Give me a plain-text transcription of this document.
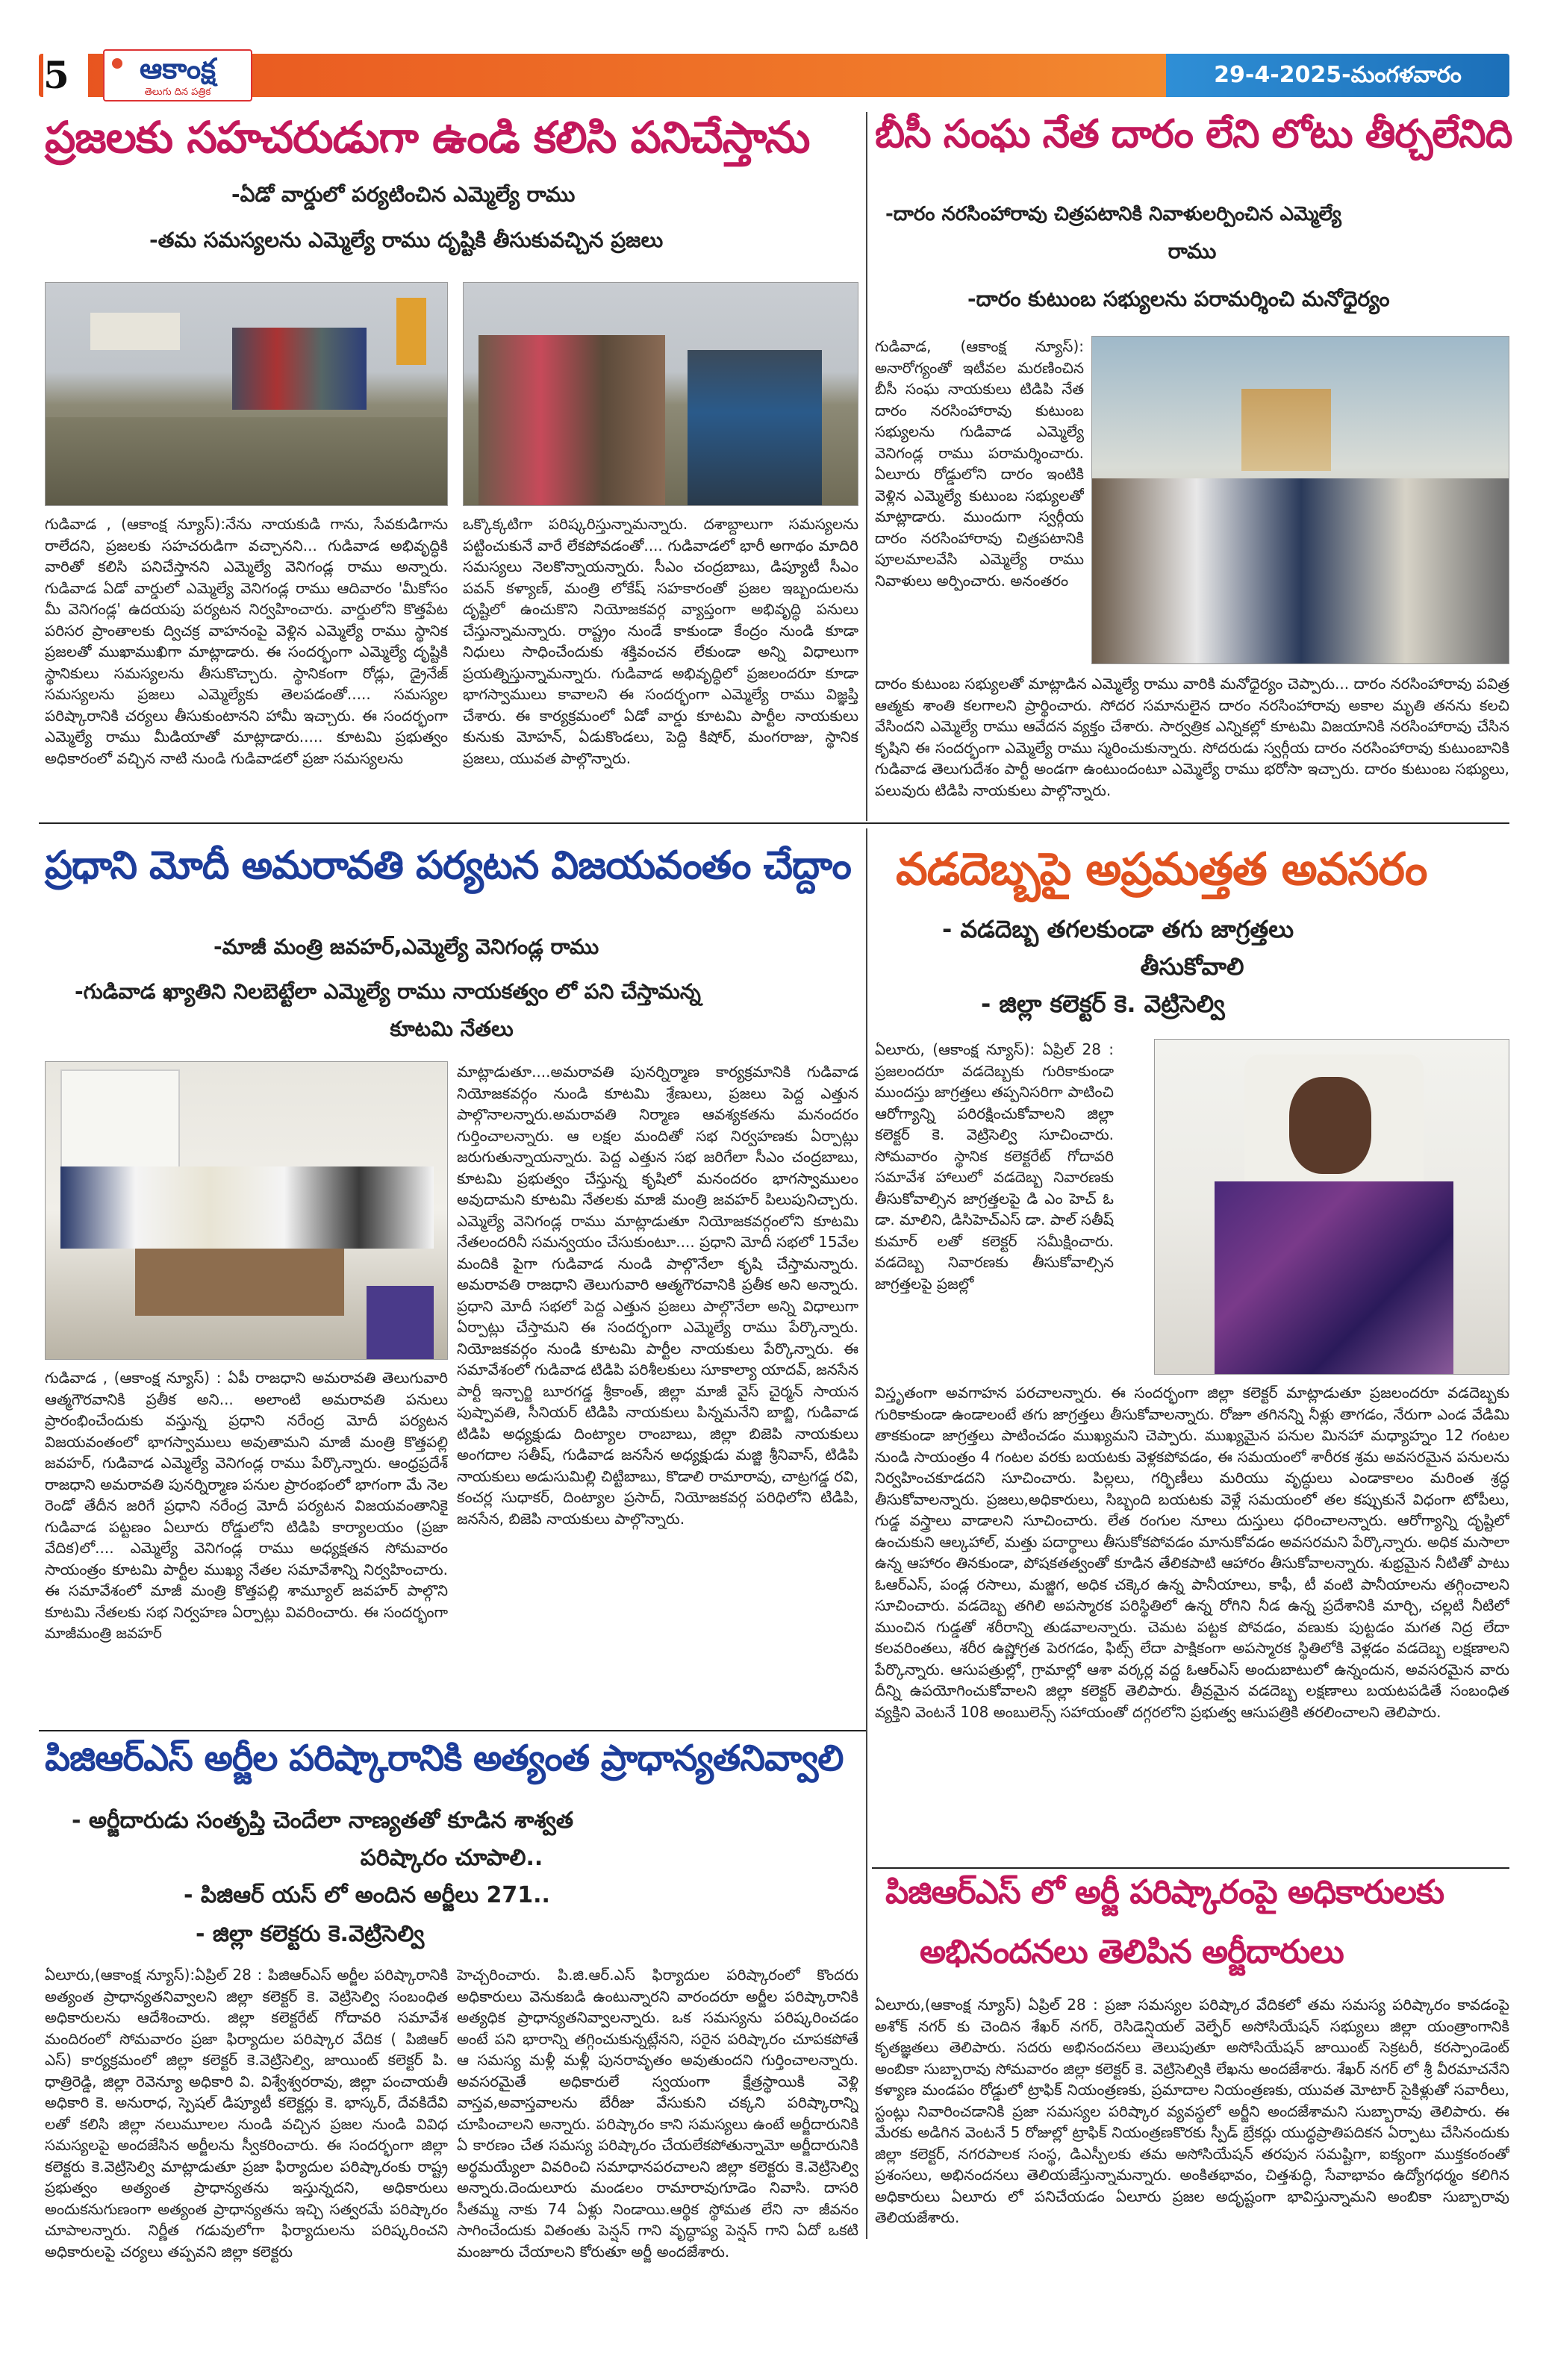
5	ఆకాంక్ష
తెలుగు దిన పత్రిక
29-4-2025-మంగళవారం
ప్రజలకు సహచరుడుగా ఉండి కలిసి పనిచేస్తాను
-ఏడో వార్డులో పర్యటించిన ఎమ్మెల్యే రాము
-తమ సమస్యలను ఎమ్మెల్యే రాము దృష్టికి తీసుకువచ్చిన ప్రజలు
గుడివాడ , (ఆకాంక్ష న్యూస్):నేను నాయకుడి గాను, సేవకుడిగాను రాలేదని, ప్రజలకు సహచరుడిగా వచ్చానని... గుడివాడ అభివృద్ధికి వారితో కలిసి పనిచేస్తానని ఎమ్మెల్యే వెనిగండ్ల రాము అన్నారు. గుడివాడ ఏడో వార్డులో ఎమ్మెల్యే వెనిగండ్ల రాము ఆదివారం 'మీకోసం మీ వెనిగండ్ల' ఉదయపు పర్యటన నిర్వహించారు. వార్డులోని కొత్తపేట పరిసర ప్రాంతాలకు ద్విచక్ర వాహనంపై వెళ్లిన ఎమ్మెల్యే రాము స్థానిక ప్రజలతో ముఖాముఖిగా మాట్లాడారు. ఈ సందర్భంగా ఎమ్మెల్యే దృష్టికి స్థానికులు సమస్యలను తీసుకొచ్చారు. స్థానికంగా రోడ్లు, డ్రైనేజ్ సమస్యలను ప్రజలు ఎమ్మెల్యేకు తెలపడంతో..... సమస్యల పరిష్కారానికి చర్యలు తీసుకుంటానని హామీ ఇచ్చారు. ఈ సందర్భంగా ఎమ్మెల్యే రాము మీడియాతో మాట్లాడారు..... కూటమి ప్రభుత్వం అధికారంలో వచ్చిన నాటి నుండి గుడివాడలో ప్రజా సమస్యలను
ఒక్కొక్కటిగా పరిష్కరిస్తున్నామన్నారు. దశాబ్దాలుగా సమస్యలను పట్టించుకునే వారే లేకపోవడంతో.... గుడివాడలో భారీ అగాథం మాదిరి సమస్యలు నెలకొన్నాయన్నారు. సీఎం చంద్రబాబు, డిప్యూటీ సీఎం పవన్ కళ్యాణ్, మంత్రి లోకేష్ సహకారంతో ప్రజల ఇబ్బందులను దృష్టిలో ఉంచుకొని నియోజకవర్గ వ్యాప్తంగా అభివృద్ధి పనులు చేస్తున్నామన్నారు. రాష్ట్రం నుండే కాకుండా కేంద్రం నుండి కూడా నిధులు సాధించేందుకు శక్తివంచన లేకుండా అన్ని విధాలుగా ప్రయత్నిస్తున్నామన్నారు. గుడివాడ అభివృద్ధిలో ప్రజలందరూ కూడా భాగస్వాములు కావాలని ఈ సందర్భంగా ఎమ్మెల్యే రాము విజ్ఞప్తి చేశారు. ఈ కార్యక్రమంలో ఏడో వార్డు కూటమి పార్టీల నాయకులు కునుకు మోహన్, ఏడుకొండలు, పెద్ది కిషోర్, మంగరాజు, స్థానిక ప్రజలు, యువత పాల్గొన్నారు.
బీసీ సంఘ నేత దారం లేని లోటు తీర్చలేనిది
-దారం నరసింహారావు చిత్రపటానికి నివాళులర్పించిన ఎమ్మెల్యే
రాము
-దారం కుటుంబ సభ్యులను పరామర్శించి మనోధైర్యం
గుడివాడ, (ఆకాంక్ష న్యూస్): అనారోగ్యంతో ఇటీవల మరణించిన బీసీ సంఘ నాయకులు టిడిపి నేత దారం నరసింహారావు కుటుంబ సభ్యులను గుడివాడ ఎమ్మెల్యే వెనిగండ్ల రాము పరామర్శించారు. ఏలూరు రోడ్డులోని దారం ఇంటికి వెళ్లిన ఎమ్మెల్యే కుటుంబ సభ్యులతో మాట్లాడారు. ముందుగా స్వర్గీయ దారం నరసింహారావు చిత్రపటానికి పూలమాలవేసి ఎమ్మెల్యే రాము నివాళులు అర్పించారు. అనంతరం
దారం కుటుంబ సభ్యులతో మాట్లాడిన ఎమ్మెల్యే రాము వారికి మనోధైర్యం చెప్పారు... దారం నరసింహారావు పవిత్ర ఆత్మకు శాంతి కలగాలని ప్రార్థించారు. సోదర సమానులైన దారం నరసింహారావు అకాల మృతి తనను కలచి వేసిందని ఎమ్మెల్యే రాము ఆవేదన వ్యక్తం చేశారు. సార్వత్రిక ఎన్నికల్లో కూటమి విజయానికి నరసింహారావు చేసిన కృషిని ఈ సందర్భంగా ఎమ్మెల్యే రాము స్మరించుకున్నారు. సోదరుడు స్వర్గీయ దారం నరసింహారావు కుటుంబానికి గుడివాడ తెలుగుదేశం పార్టీ అండగా ఉంటుందంటూ ఎమ్మెల్యే రాము భరోసా ఇచ్చారు. దారం కుటుంబ సభ్యులు, పలువురు టిడిపి నాయకులు పాల్గొన్నారు.
ప్రధాని మోదీ అమరావతి పర్యటన విజయవంతం చేద్దాం
-మాజీ మంత్రి జవహర్,ఎమ్మెల్యే వెనిగండ్ల రాము
-గుడివాడ ఖ్యాతిని నిలబెట్టేలా ఎమ్మెల్యే రాము నాయకత్వం లో పని చేస్తామన్న
కూటమి నేతలు
గుడివాడ , (ఆకాంక్ష న్యూస్) : ఏపీ రాజధాని అమరావతి తెలుగువారి ఆత్మగౌరవానికి ప్రతీక అని... అలాంటి అమరావతి పనులు ప్రారంభించేందుకు వస్తున్న ప్రధాని నరేంద్ర మోదీ పర్యటన విజయవంతంలో భాగస్వాములు అవుతామని మాజీ మంత్రి కొత్తపల్లి జవహర్, గుడివాడ ఎమ్మెల్యే వెనిగండ్ల రాము పేర్కొన్నారు. ఆంధ్రప్రదేశ్ రాజధాని అమరావతి పునర్నిర్మాణ పనుల ప్రారంభంలో భాగంగా మే నెల రెండో తేదీన జరిగే ప్రధాని నరేంద్ర మోదీ పర్యటన విజయవంతానికై గుడివాడ పట్టణం ఏలూరు రోడ్డులోని టిడిపి కార్యాలయం (ప్రజా వేదిక)లో.... ఎమ్మెల్యే వెనిగండ్ల రాము అధ్యక్షతన సోమవారం సాయంత్రం కూటమి పార్టీల ముఖ్య నేతల సమావేశాన్ని నిర్వహించారు. ఈ సమావేశంలో మాజీ మంత్రి కొత్తపల్లి శామ్యూల్ జవహర్ పాల్గొని కూటమి నేతలకు సభ నిర్వహణ ఏర్పాట్లు వివరించారు. ఈ సందర్భంగా మాజీమంత్రి జవహర్
మాట్లాడుతూ....అమరావతి పునర్నిర్మాణ కార్యక్రమానికి గుడివాడ నియోజకవర్గం నుండి కూటమి శ్రేణులు, ప్రజలు పెద్ద ఎత్తున పాల్గొనాలన్నారు.అమరావతి నిర్మాణ ఆవశ్యకతను మనందరం గుర్తించాలన్నారు. ఆ లక్షల మందితో సభ నిర్వహణకు ఏర్పాట్లు జరుగుతున్నాయన్నారు. పెద్ద ఎత్తున సభ జరిగేలా సీఎం చంద్రబాబు, కూటమి ప్రభుత్వం చేస్తున్న కృషిలో మనందరం భాగస్వాములం అవుదామని కూటమి నేతలకు మాజీ మంత్రి జవహర్ పిలుపునిచ్చారు. ఎమ్మెల్యే వెనిగండ్ల రాము మాట్లాడుతూ నియోజకవర్గంలోని కూటమి నేతలందరినీ సమన్వయం చేసుకుంటూ.... ప్రధాని మోదీ సభలో 15వేల మందికి పైగా గుడివాడ నుండి పాల్గొనేలా కృషి చేస్తామన్నారు. అమరావతి రాజధాని తెలుగువారి ఆత్మగౌరవానికి ప్రతీక అని అన్నారు. ప్రధాని మోదీ సభలో పెద్ద ఎత్తున ప్రజలు పాల్గొనేలా అన్ని విధాలుగా ఏర్పాట్లు చేస్తామని ఈ సందర్భంగా ఎమ్మెల్యే రాము పేర్కొన్నారు. నియోజకవర్గం నుండి కూటమి పార్టీల నాయకులు పేర్కొన్నారు. ఈ సమావేశంలో గుడివాడ టిడిపి పరిశీలకులు సూకాల్యా యాదవ్, జనసేన పార్టీ ఇన్చార్జి బూరగడ్డ శ్రీకాంత్, జిల్లా మాజీ వైస్ చైర్మన్ సాయన పుష్పావతి, సీనియర్ టిడిపి నాయకులు పిన్నమనేని బాబ్జి, గుడివాడ టిడిపి అధ్యక్షుడు దింట్యాల రాంబాబు, జిల్లా బిజెపి నాయకులు అంగదాల సతీష్, గుడివాడ జనసేన అధ్యక్షుడు మజ్జి శ్రీనివాస్, టిడిపి నాయకులు అడుసుమిల్లి చిట్టిబాబు, కొడాలి రామారావు, చాట్రగడ్డ రవి, కంచర్ల సుధాకర్, దింట్యాల ప్రసాద్, నియోజకవర్గ పరిధిలోని టిడిపి, జనసేన, బిజెపి నాయకులు పాల్గొన్నారు.
వడదెబ్బపై అప్రమత్తత అవసరం
- వడదెబ్బ తగలకుండా తగు జాగ్రత్తలు
తీసుకోవాలి
- జిల్లా కలెక్టర్ కె. వెట్రిసెల్వి
ఏలూరు, (ఆకాంక్ష న్యూస్): ఏప్రిల్ 28 : ప్రజలందరూ వడదెబ్బకు గురికాకుండా ముందస్తు జాగ్రత్తలు తప్పనిసరిగా పాటించి ఆరోగ్యాన్ని పరిరక్షించుకోవాలని జిల్లా కలెక్టర్ కె. వెట్రిసెల్వి సూచించారు. సోమవారం స్థానిక కలెక్టరేట్ గోదావరి సమావేశ హాలులో వడదెబ్బ నివారణకు తీసుకోవాల్సిన జాగ్రత్తలపై డి ఎం హెచ్ ఓ డా. మాలిని, డిసిహెచ్ఎస్ డా. పాల్ సతీష్ కుమార్ లతో కలెక్టర్ సమీక్షించారు. వడదెబ్బ నివారణకు తీసుకోవాల్సిన జాగ్రత్తలపై ప్రజల్లో
విస్తృతంగా అవగాహన పరచాలన్నారు. ఈ సందర్భంగా జిల్లా కలెక్టర్ మాట్లాడుతూ ప్రజలందరూ వడదెబ్బకు గురికాకుండా ఉండాలంటే తగు జాగ్రత్తలు తీసుకోవాలన్నారు. రోజూ తగినన్ని నీళ్లు తాగడం, నేరుగా ఎండ వేడిమి తాకకుండా జాగ్రత్తలు పాటించడం ముఖ్యమని చెప్పారు. ముఖ్యమైన పనుల మినహా మధ్యాహ్నం 12 గంటల నుండి సాయంత్రం 4 గంటల వరకు బయటకు వెళ్లకపోవడం, ఈ సమయంలో శారీరక శ్రమ అవసరమైన పనులను నిర్వహించకూడదని సూచించారు. పిల్లలు, గర్భిణీలు మరియు వృద్ధులు ఎండాకాలం మరింత శ్రద్ధ తీసుకోవాలన్నారు. ప్రజలు,అధికారులు, సిబ్బంది బయటకు వెళ్లే సమయంలో తల కప్పుకునే విధంగా టోపీలు, గుడ్డ వస్త్రాలు వాడాలని సూచించారు. లేత రంగుల నూలు దుస్తులు ధరించాలన్నారు. ఆరోగ్యాన్ని దృష్టిలో ఉంచుకుని ఆల్కహాల్, మత్తు పదార్థాలు తీసుకోకపోవడం మానుకోవడం అవసరమని పేర్కొన్నారు. అధిక మసాలా ఉన్న ఆహారం తినకుండా, పోషకతత్వంతో కూడిన తేలికపాటి ఆహారం తీసుకోవాలన్నారు. శుభ్రమైన నీటితో పాటు ఓఆర్ఎస్, పండ్ల రసాలు, మజ్జిగ, అధిక చక్కెర ఉన్న పానీయాలు, కాఫీ, టీ వంటి పానీయాలను తగ్గించాలని సూచించారు. వడదెబ్బ తగిలి అపస్మారక పరిస్థితిలో ఉన్న రోగిని నీడ ఉన్న ప్రదేశానికి మార్చి, చల్లటి నీటిలో ముంచిన గుడ్డతో శరీరాన్ని తుడవాలన్నారు. చెమట పట్టక పోవడం, వణుకు పుట్టడం మగత నిద్ర లేదా కలవరింతలు, శరీర ఉష్ణోగ్రత పెరగడం, ఫిట్స్ లేదా పాక్షికంగా అపస్మారక స్థితిలోకి వెళ్లడం వడదెబ్బ లక్షణాలని పేర్కొన్నారు. ఆసుపత్రుల్లో, గ్రామాల్లో ఆశా వర్కర్ల వద్ద ఓఆర్ఎస్ అందుబాటులో ఉన్నందున, అవసరమైన వారు దీన్ని ఉపయోగించుకోవాలని జిల్లా కలెక్టర్ తెలిపారు. తీవ్రమైన వడదెబ్బ లక్షణాలు బయటపడితే సంబంధిత వ్యక్తిని వెంటనే 108 అంబులెన్స్ సహాయంతో దగ్గరలోని ప్రభుత్వ ఆసుపత్రికి తరలించాలని తెలిపారు.
పిజిఆర్ఎస్ అర్జీల పరిష్కారానికి అత్యంత ప్రాధాన్యతనివ్వాలి
- అర్జీదారుడు సంతృప్తి చెందేలా నాణ్యతతో కూడిన శాశ్వత
పరిష్కారం చూపాలి..
- పిజిఆర్ యస్ లో అందిన అర్జీలు 271..
- జిల్లా కలెక్టరు కె.వెట్రిసెల్వి
ఏలూరు,(ఆకాంక్ష న్యూస్):ఏప్రిల్ 28 : పిజిఆర్ఎస్ అర్జీల పరిష్కారానికి అత్యంత ప్రాధాన్యతనివ్వాలని జిల్లా కలెక్టర్ కె. వెట్రిసెల్వి సంబంధిత అధికారులను ఆదేశించారు. జిల్లా కలెక్టరేట్ గోదావరి సమావేశ మందిరంలో సోమవారం ప్రజా ఫిర్యాదుల పరిష్కార వేదిక ( పిజిఆర్ ఎస్) కార్యక్రమంలో జిల్లా కలెక్టర్ కె.వెట్రిసెల్వి, జాయింట్ కలెక్టర్ పి. ధాత్రిరెడ్డి, జిల్లా రెవెన్యూ అధికారి వి. విశ్వేశ్వరరావు, జిల్లా పంచాయతీ అధికారి కె. అనురాధ, స్పెషల్ డిప్యూటీ కలెక్టర్లు కె. భాస్కర్, దేవకిదేవి లతో కలిసి జిల్లా నలుమూలల నుండి వచ్చిన ప్రజల నుండి వివిధ సమస్యలపై అందజేసిన అర్జీలను స్వీకరించారు. ఈ సందర్భంగా జిల్లా కలెక్టరు కె.వెట్రిసెల్వి మాట్లాడుతూ ప్రజా ఫిర్యాదుల పరిష్కారంకు రాష్ట్ర ప్రభుత్వం అత్యంత ప్రాధాన్యతను ఇస్తున్నదని, అధికారులు అందుకనుగుణంగా అత్యంత ప్రాధాన్యతను ఇచ్చి సత్వరమే పరిష్కారం చూపాలన్నారు. నిర్ణీత గడువులోగా ఫిర్యాదులను పరిష్కరించని అధికారులపై చర్యలు తప్పవని జిల్లా కలెక్టరు
హెచ్చరించారు. పి.జి.ఆర్.ఎస్ ఫిర్యాదుల పరిష్కారంలో కొందరు అధికారులు వెనుకబడి ఉంటున్నారని వారందరూ అర్జీల పరిష్కారానికి అత్యధిక ప్రాధాన్యతనివ్వాలన్నారు. ఒక సమస్యను పరిష్కరించడం అంటే పని భారాన్ని తగ్గించుకున్నట్లేనని, సరైన పరిష్కారం చూపకపోతే ఆ సమస్య మళ్లీ మళ్లీ పునరావృతం అవుతుందని గుర్తించాలన్నారు. అవసరమైతే అధికారులే స్వయంగా క్షేత్రస్థాయికి వెళ్లి వాస్తవ,అవాస్తవాలను బేరీజు వేసుకుని చక్కని పరిష్కారాన్ని చూపించాలని అన్నారు. పరిష్కారం కాని సమస్యలు ఉంటే అర్జీదారునికి ఏ కారణం చేత సమస్య పరిష్కారం చేయలేకపోతున్నామో అర్జీదారునికి అర్థమయ్యేలా వివరించి సమాధానపరచాలని జిల్లా కలెక్టరు కె.వెట్రిసెల్వి అన్నారు.దెందులూరు మండలం రామారావుగూడెం నివాసి. దాసరి సీతమ్మ నాకు 74 ఏళ్లు నిండాయి.ఆర్థిక స్థోమత లేని నా జీవనం సాగించేందుకు వితంతు పెన్షన్ గాని వృద్ధాప్య పెన్షన్ గాని ఏదో ఒకటి మంజూరు చేయాలని కోరుతూ అర్జీ అందజేశారు.
పిజిఆర్ఎస్ లో అర్జీ పరిష్కారంపై అధికారులకు
అభినందనలు తెలిపిన అర్జీదారులు
ఏలూరు,(ఆకాంక్ష న్యూస్) ఏప్రిల్ 28 : ప్రజా సమస్యల పరిష్కార వేదికలో తమ సమస్య పరిష్కారం కావడంపై అశోక్ నగర్ కు చెందిన శేఖర్ నగర్, రెసిడెన్షియల్ వెల్ఫేర్ అసోసియేషన్ సభ్యులు జిల్లా యంత్రాంగానికి కృతజ్ఞతలు తెలిపారు. సదరు అభినందనలు తెలుపుతూ అసోసియేషన్ జాయింట్ సెక్రటరీ, కరస్పాండెంట్ అంబికా సుబ్బారావు సోమవారం జిల్లా కలెక్టర్ కె. వెట్రిసెల్వికి లేఖను అందజేశారు. శేఖర్ నగర్ లో శ్రీ వీరమాచనేని కళ్యాణ మండపం రోడ్డులో ట్రాఫిక్ నియంత్రణకు, ప్రమాదాల నియంత్రణకు, యువత మోటార్ సైకిళ్లుతో సవారీలు, స్టంట్లు నివారించడానికి ప్రజా సమస్యల పరిష్కార వ్యవస్థలో అర్జీని అందజేశామని సుబ్బారావు తెలిపారు. ఈ మేరకు అడిగిన వెంటనే 5 రోజుల్లో ట్రాఫిక్ నియంత్రణకొరకు స్పీడ్ బ్రేకర్లు యుద్ధప్రాతిపదికన ఏర్పాటు చేసినందుకు జిల్లా కలెక్టర్, నగరపాలక సంస్థ, డిఎస్పీలకు తమ అసోసియేషన్ తరపున సమష్టిగా, ఐక్యంగా ముక్తకంఠంతో ప్రశంసలు, అభినందనలు తెలియజేస్తున్నామన్నారు. అంకితభావం, చిత్తశుద్ధి, సేవాభావం ఉద్యోగధర్మం కలిగిన అధికారులు ఏలూరు లో పనిచేయడం ఏలూరు ప్రజల అదృష్టంగా భావిస్తున్నామని అంబికా సుబ్బారావు తెలియజేశారు.
